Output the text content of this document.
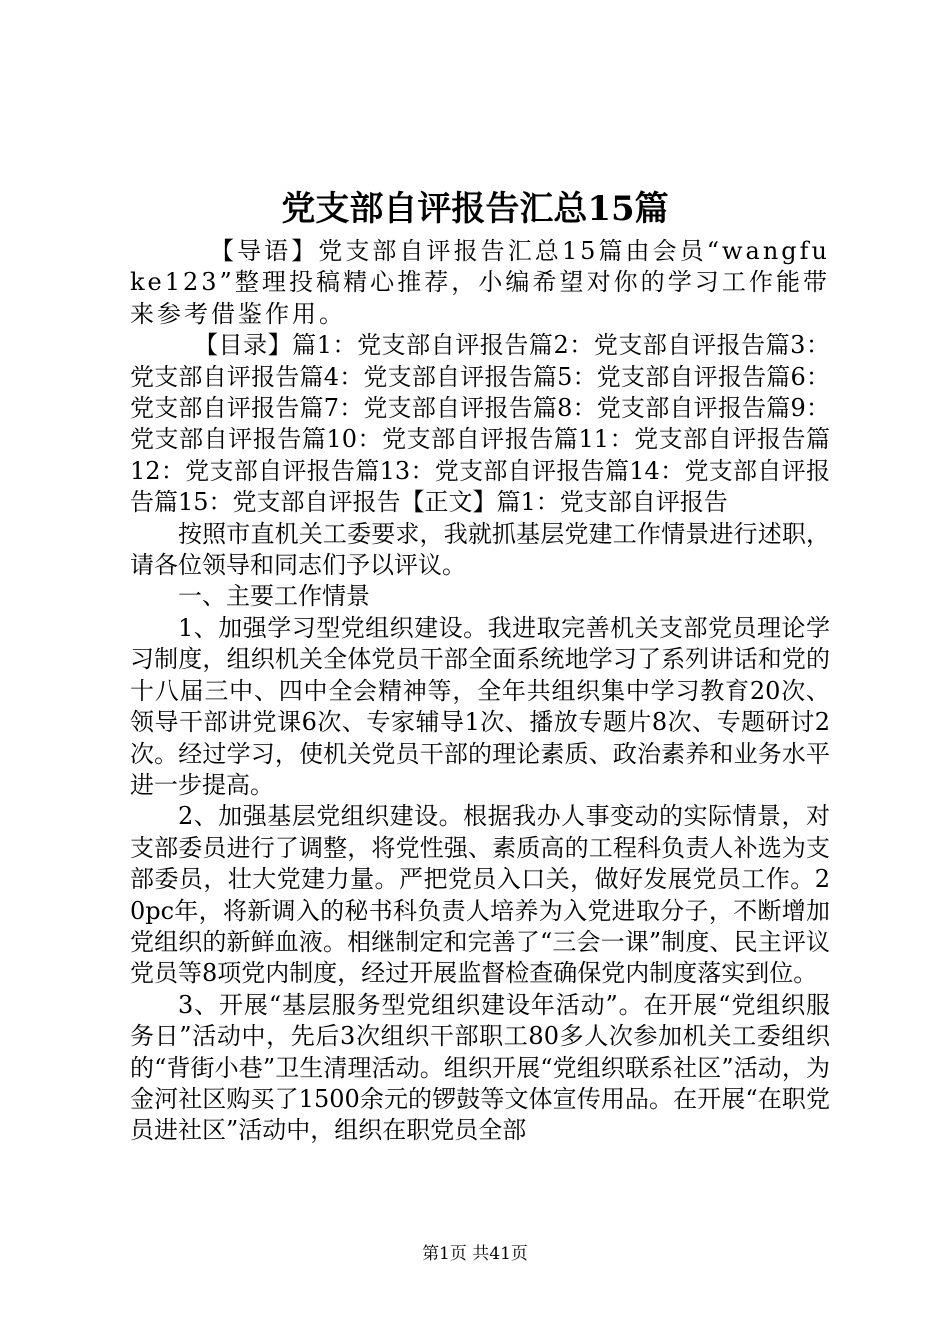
党支部自评报告汇总15篇

【导语】党支部自评报告汇总15篇由会员“wangfuke123”整理投稿精心推荐，小编希望对你的学习工作能带来参考借鉴作用。

【目录】篇1：党支部自评报告篇2：党支部自评报告篇3：党支部自评报告篇4：党支部自评报告篇5：党支部自评报告篇6：党支部自评报告篇7：党支部自评报告篇8：党支部自评报告篇9：党支部自评报告篇10：党支部自评报告篇11：党支部自评报告篇12：党支部自评报告篇13：党支部自评报告篇14：党支部自评报告篇15：党支部自评报告【正文】篇1：党支部自评报告

按照市直机关工委要求，我就抓基层党建工作情景进行述职，请各位领导和同志们予以评议。

一、主要工作情景

1、加强学习型党组织建设。我进取完善机关支部党员理论学习制度，组织机关全体党员干部全面系统地学习了系列讲话和党的十八届三中、四中全会精神等，全年共组织集中学习教育20次、领导干部讲党课6次、专家辅导1次、播放专题片8次、专题研讨2次。经过学习，使机关党员干部的理论素质、政治素养和业务水平进一步提高。

2、加强基层党组织建设。根据我办人事变动的实际情景，对支部委员进行了调整，将党性强、素质高的工程科负责人补选为支部委员，壮大党建力量。严把党员入口关，做好发展党员工作。20pc年，将新调入的秘书科负责人培养为入党进取分子，不断增加党组织的新鲜血液。相继制定和完善了“三会一课”制度、民主评议党员等8项党内制度，经过开展监督检查确保党内制度落实到位。

3、开展“基层服务型党组织建设年活动”。在开展“党组织服务日”活动中，先后3次组织干部职工80多人次参加机关工委组织的“背街小巷”卫生清理活动。组织开展“党组织联系社区”活动，为金河社区购买了1500余元的锣鼓等文体宣传用品。在开展“在职党员进社区”活动中，组织在职党员全部

第1页 共41页
